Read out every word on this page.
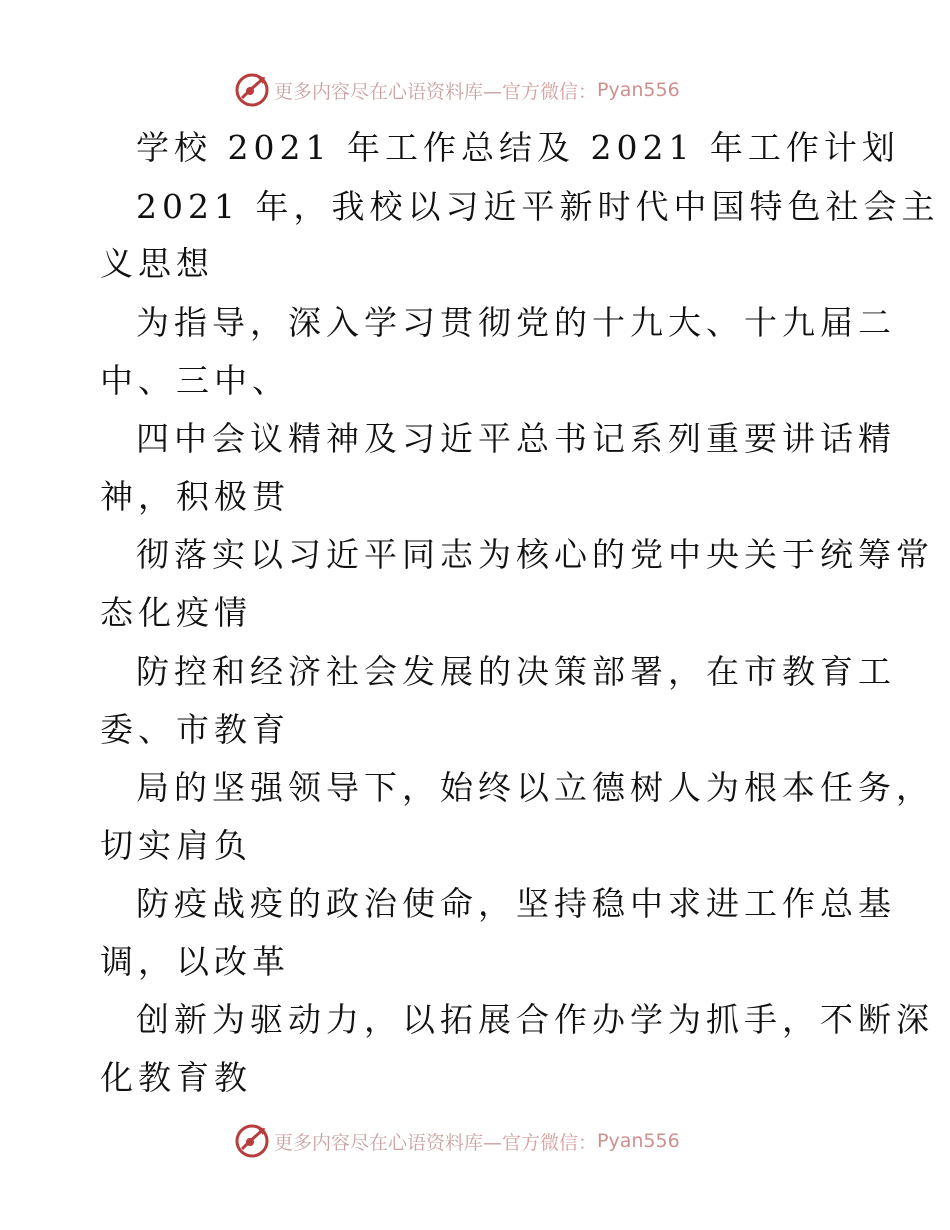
更多内容尽在心语资料库— 官方微信： Pyan556
学校 2021 年工作总结及 2021 年工作计划
2021 年，我校以习近平新时代中国特色社会主
义思想
为指导，深入学习贯彻党的十九大、十九届二
中、三中、
四中会议精神及习近平总书记系列重要讲话精
神，积极贯
彻落实以习近平同志为核心的党中央关于统筹常
态化疫情
防控和经济社会发展的决策部署，在市教育工
委、市教育
局的坚强领导下，始终以立德树人为根本任务，
切实肩负
防疫战疫的政治使命，坚持稳中求进工作总基
调，以改革
创新为驱动力，以拓展合作办学为抓手，不断深
化教育教
更多内容尽在心语资料库— 官方微信： Pyan556
